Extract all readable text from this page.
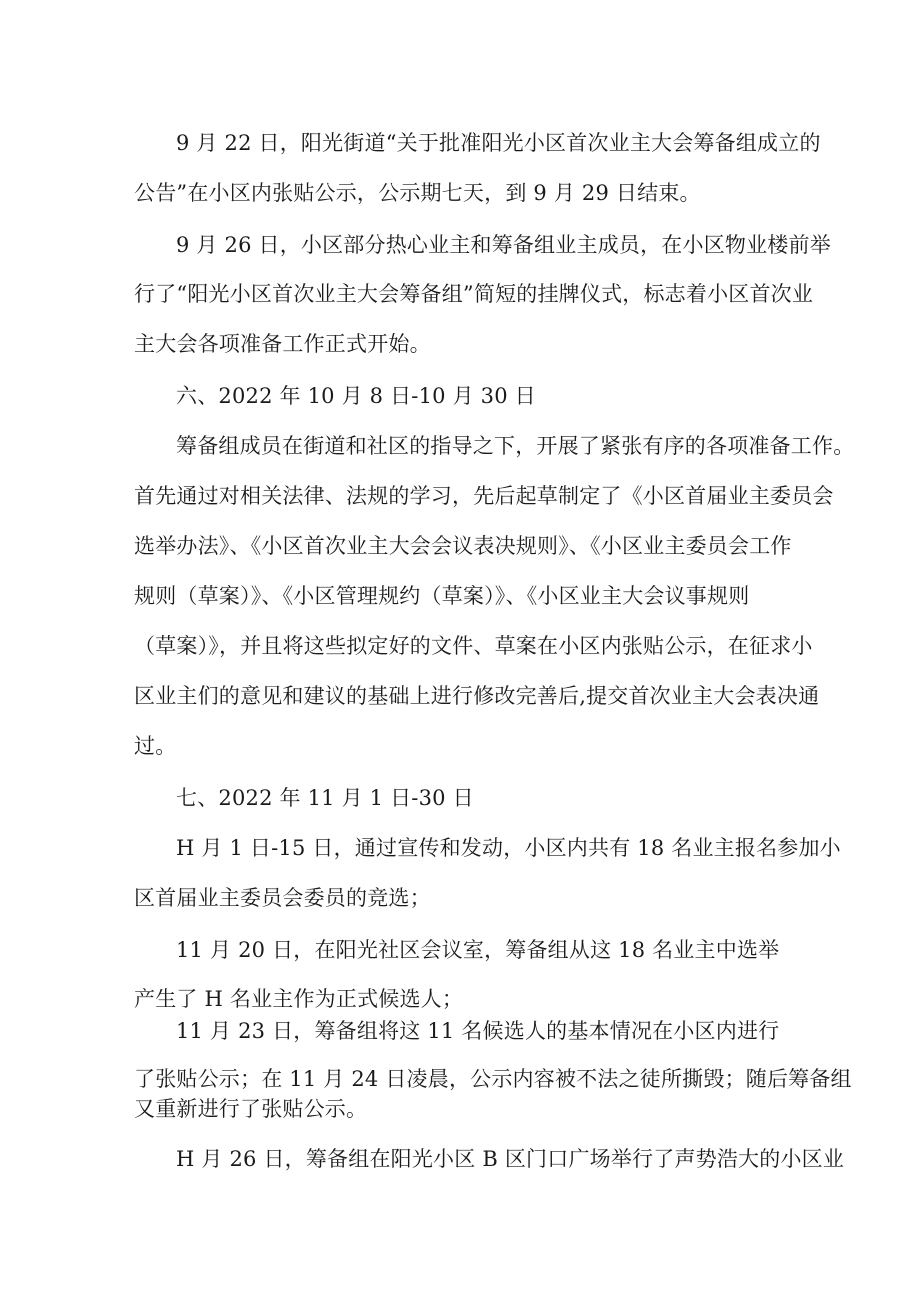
9 月 22 日，阳光街道“关于批准阳光小区首次业主大会筹备组成立的
公告”在小区内张贴公示，公示期七天，到 9 月 29 日结束。
9 月 26 日，小区部分热心业主和筹备组业主成员，在小区物业楼前举
行了“阳光小区首次业主大会筹备组”简短的挂牌仪式，标志着小区首次业
主大会各项准备工作正式开始。
六、2022 年 10 月 8 日-10 月 30 日
筹备组成员在街道和社区的指导之下，开展了紧张有序的各项准备工作。
首先通过对相关法律、法规的学习，先后起草制定了《小区首届业主委员会
选举办法》、《小区首次业主大会会议表决规则》、《小区业主委员会工作
规则（草案）》、《小区管理规约（草案）》、《小区业主大会议事规则
（草案）》，并且将这些拟定好的文件、草案在小区内张贴公示，在征求小
区业主们的意见和建议的基础上进行修改完善后,提交首次业主大会表决通
过。
七、2022 年 11 月 1 日-30 日
H 月 1 日-15 日，通过宣传和发动，小区内共有 18 名业主报名参加小
区首届业主委员会委员的竞选；
11 月 20 日，在阳光社区会议室，筹备组从这 18 名业主中选举
产生了 H 名业主作为正式候选人；
11 月 23 日，筹备组将这 11 名候选人的基本情况在小区内进行
了张贴公示；在 11 月 24 日凌晨，公示内容被不法之徒所撕毁；随后筹备组
又重新进行了张贴公示。
H 月 26 日，筹备组在阳光小区 B 区门口广场举行了声势浩大的小区业
